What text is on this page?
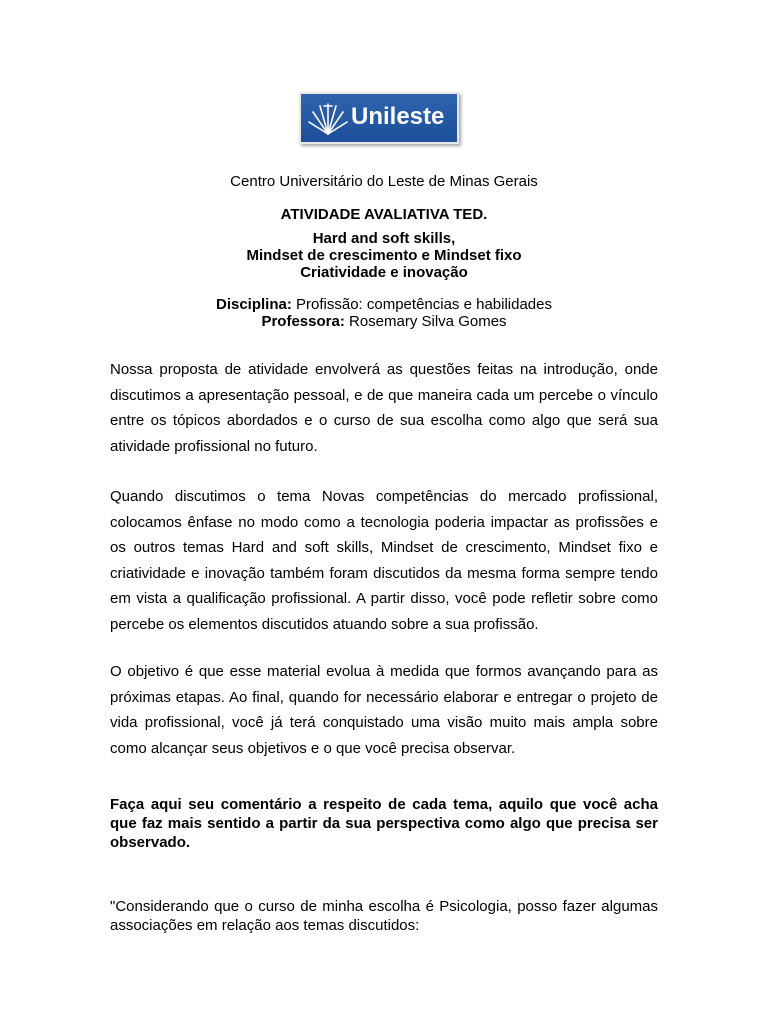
Unileste
Centro Universitário do Leste de Minas Gerais
ATIVIDADE AVALIATIVA TED.
Hard and soft skills,
Mindset de crescimento e Mindset fixo
Criatividade e inovação
Disciplina: Profissão: competências e habilidades
Professora: Rosemary Silva Gomes

Nossa proposta de atividade envolverá as questões feitas na introdução, onde discutimos a apresentação pessoal, e de que maneira cada um percebe o vínculo entre os tópicos abordados e o curso de sua escolha como algo que será sua atividade profissional no futuro.

Quando discutimos o tema Novas competências do mercado profissional, colocamos ênfase no modo como a tecnologia poderia impactar as profissões e os outros temas Hard and soft skills, Mindset de crescimento, Mindset fixo e criatividade e inovação também foram discutidos da mesma forma sempre tendo em vista a qualificação profissional. A partir disso, você pode refletir sobre como percebe os elementos discutidos atuando sobre a sua profissão.

O objetivo é que esse material evolua à medida que formos avançando para as próximas etapas. Ao final, quando for necessário elaborar e entregar o projeto de vida profissional, você já terá conquistado uma visão muito mais ampla sobre como alcançar seus objetivos e o que você precisa observar.

Faça aqui seu comentário a respeito de cada tema, aquilo que você acha que faz mais sentido a partir da sua perspectiva como algo que precisa ser observado.

"Considerando que o curso de minha escolha é Psicologia, posso fazer algumas associações em relação aos temas discutidos:
